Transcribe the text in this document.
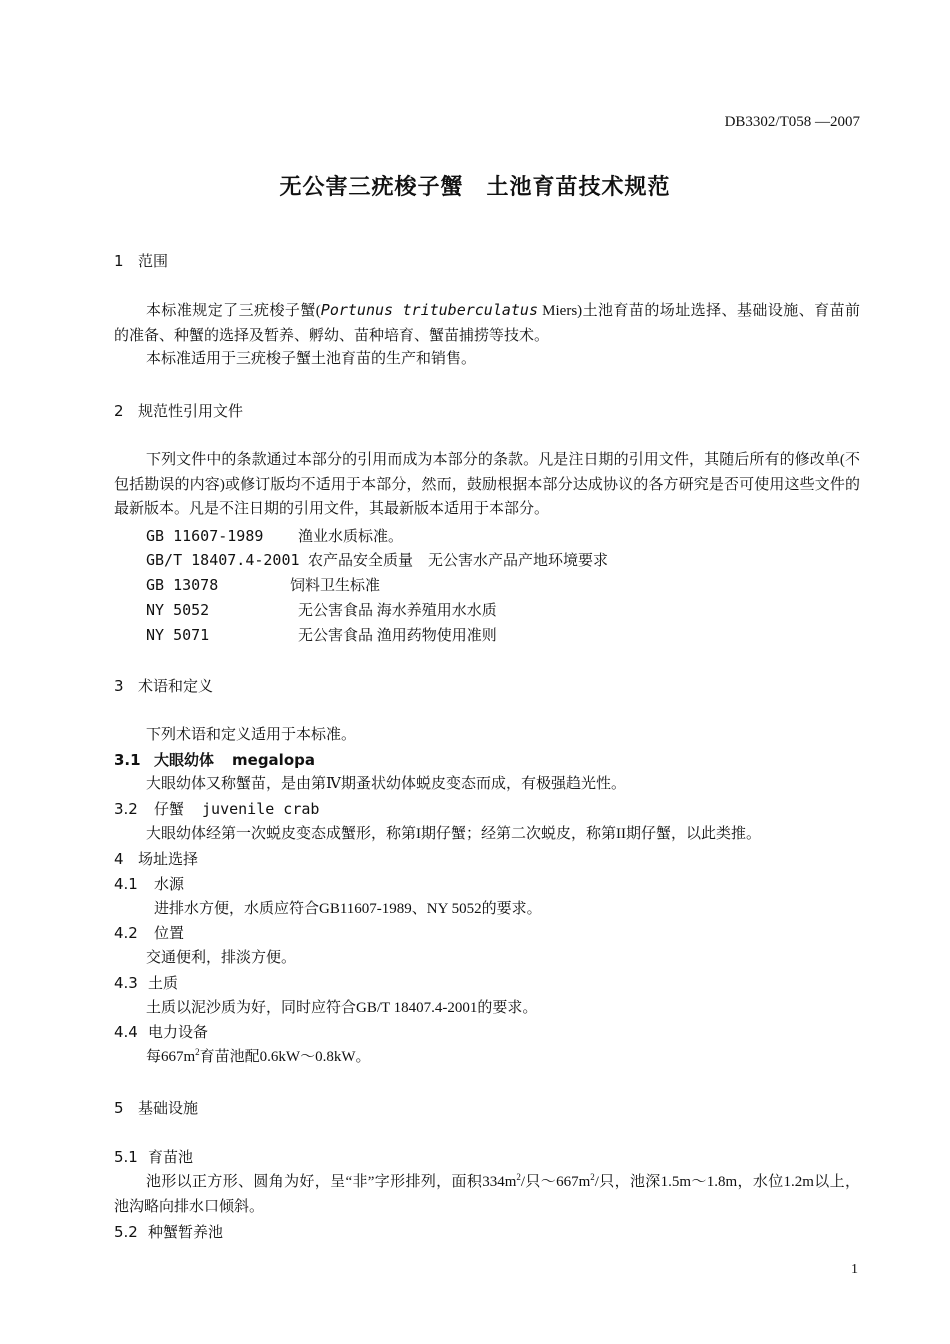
DB3302/T058 —2007
无公害三疣梭子蟹　土池育苗技术规范
1 范围
本标准规定了三疣梭子蟹(Portunus trituberculatus Miers)土池育苗的场址选择、基础设施、育苗前的准备、种蟹的选择及暂养、孵幼、苗种培育、蟹苗捕捞等技术。
本标准适用于三疣梭子蟹土池育苗的生产和销售。
2 规范性引用文件
下列文件中的条款通过本部分的引用而成为本部分的条款。凡是注日期的引用文件，其随后所有的修改单(不包括勘误的内容)或修订版均不适用于本部分，然而，鼓励根据本部分达成协议的各方研究是否可使用这些文件的最新版本。凡是不注日期的引用文件，其最新版本适用于本部分。
GB 11607-1989 渔业水质标准。
GB/T 18407.4-2001 农产品安全质量　无公害水产品产地环境要求
GB 13078	饲料卫生标准
NY 5052	无公害食品 海水养殖用水水质
NY 5071	无公害食品 渔用药物使用准则
3 术语和定义
下列术语和定义适用于本标准。
3.1 大眼幼体 megalopa
大眼幼体又称蟹苗，是由第Ⅳ期蚤状幼体蜕皮变态而成，有极强趋光性。
3.2 仔蟹 juvenile crab
大眼幼体经第一次蜕皮变态成蟹形，称第I期仔蟹；经第二次蜕皮，称第II期仔蟹，以此类推。
4 场址选择
4.1 水源
进排水方便，水质应符合GB11607-1989、NY 5052的要求。
4.2 位置
交通便利，排淡方便。
4.3 土质
土质以泥沙质为好，同时应符合GB/T 18407.4-2001的要求。
4.4 电力设备
每$667m^2$育苗池配0.6kW～0.8kW。
5 基础设施
5.1 育苗池
池形以正方形、圆角为好，呈“非”字形排列，面积$334m^2/$只$\sim 667m^2/$只，池深1.5m～1.8m，水位1.2m以上，池沟略向排水口倾斜。
5.2 种蟹暂养池
1
